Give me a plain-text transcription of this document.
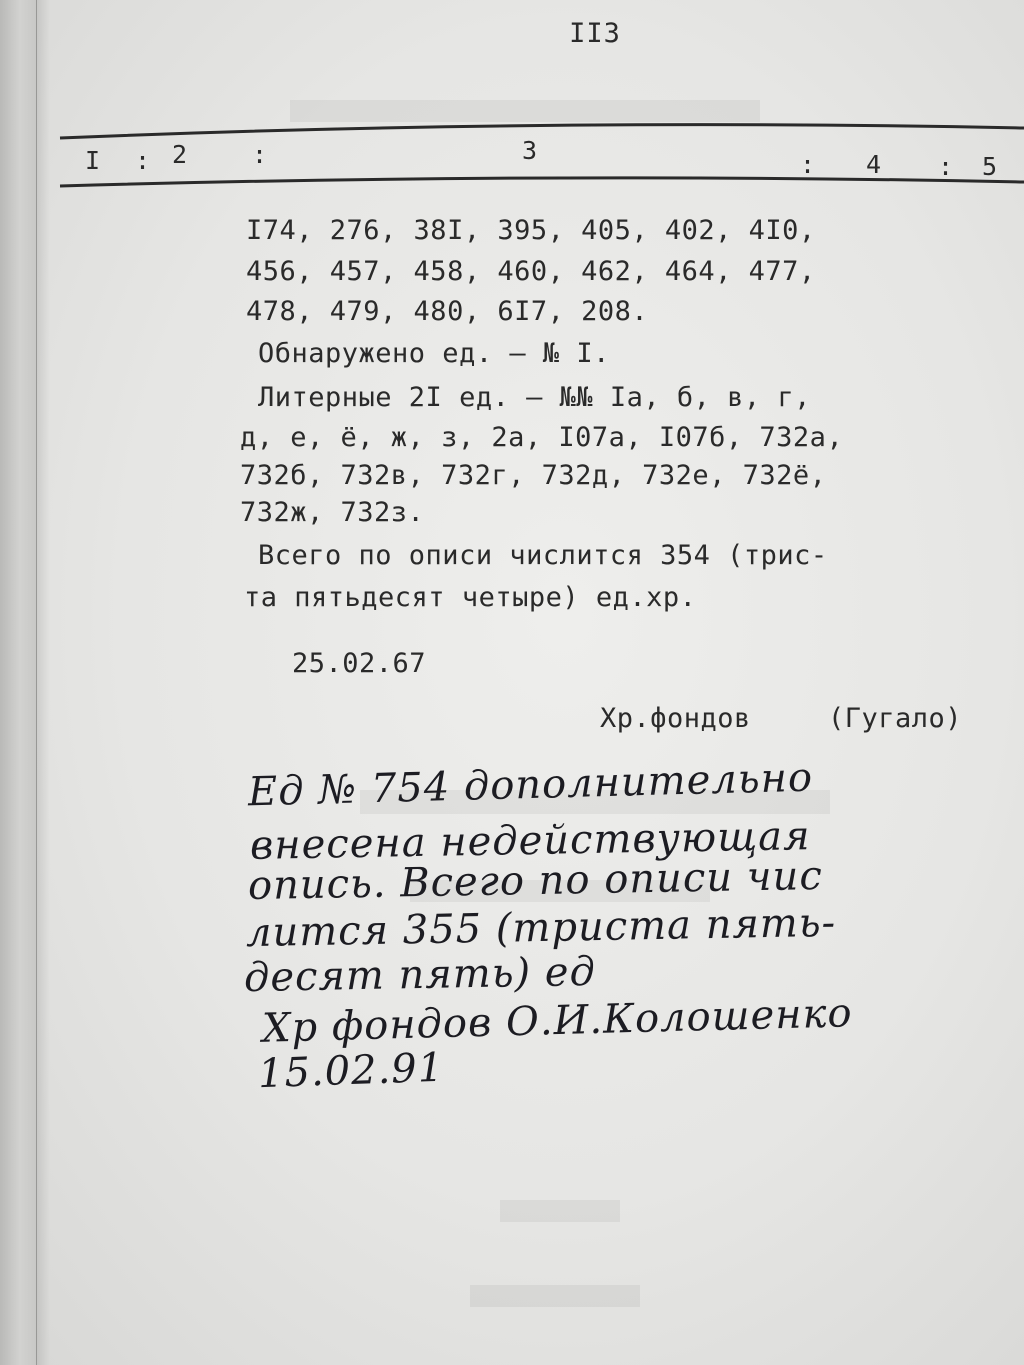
II3
I : 2	:	3	: 4 : 5
I74, 276, 38I, 395, 405, 402, 4I0,
456, 457, 458, 460, 462, 464, 477,
478, 479, 480, 6I7, 208.
Обнаружено ед. – № I.
Литерные 2I ед. – №№ Iа, б, в, г,
д, е, ё, ж, з, 2а, I07а, I07б, 732а,
732б, 732в, 732г, 732д, 732е, 732ё,
732ж, 732з.
Всего по описи числится 354 (трис-
та пятьдесят четыре) ед.хр.
25.02.67
Хр.фондов	(Гугало)
Ед № 754 дополнительно
внесена недействующая
опись. Всего по описи чис
лится 355 (триста пять-
десят пять) ед
Хр фондов О.И.Колошенко
15.02.91
